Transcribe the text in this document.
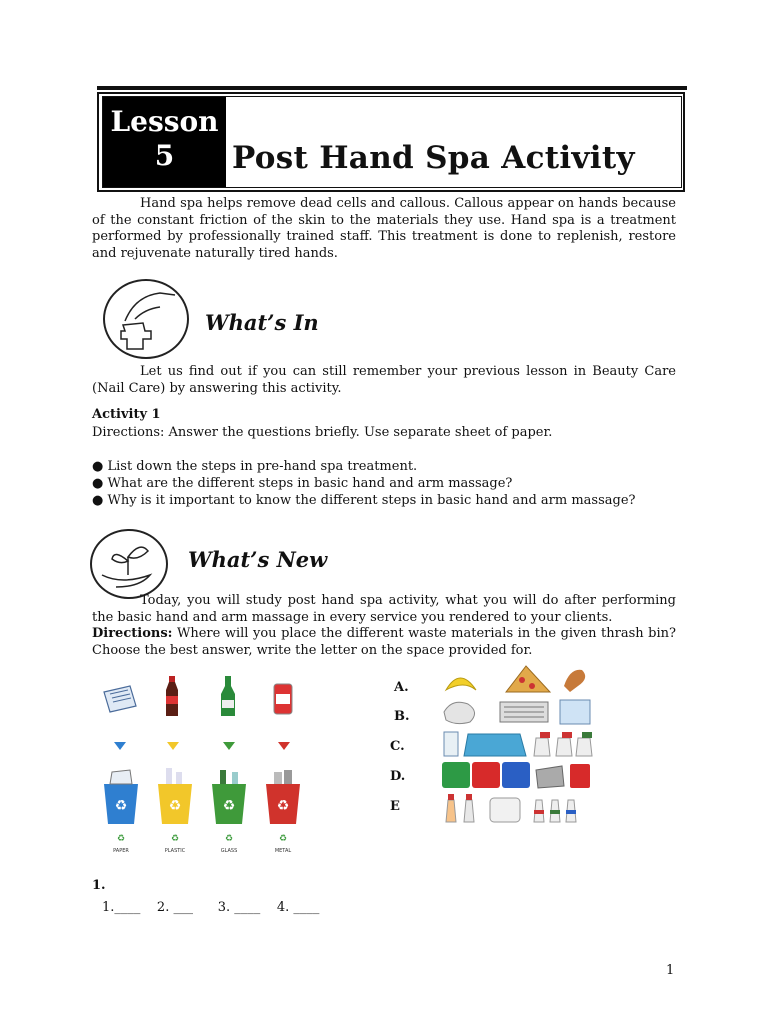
Lesson
5	Post Hand Spa Activity
Hand spa helps remove dead cells and callous. Callous appear on hands because of the constant friction of the skin to the materials they use. Hand spa is a treatment performed by professionally trained staff. This treatment is done to replenish, restore and rejuvenate naturally tired hands.
What’s In
Let us find out if you can still remember your previous lesson in Beauty Care (Nail Care) by answering this activity.
Activity 1
Directions: Answer the questions briefly. Use separate sheet of paper.
● List down the steps in pre-hand spa treatment.
● What are the different steps in basic hand and arm massage?
● Why is it important to know the different steps in basic hand and arm massage?
What’s New
Today, you will study post hand spa activity, what you will do after performing the basic hand and arm massage in every service you rendered to your clients.
Directions: Where will you place the different waste materials in the given thrash bin? Choose the best answer, write the letter on the space provided for.
♻	♻	♻	♻
♻	♻	♻	♻
PAPER	PLASTIC	GLASS	METAL
A.
B.
C.
D.
E
1.
1.____    2. ___      3. ____    4. ____
1
